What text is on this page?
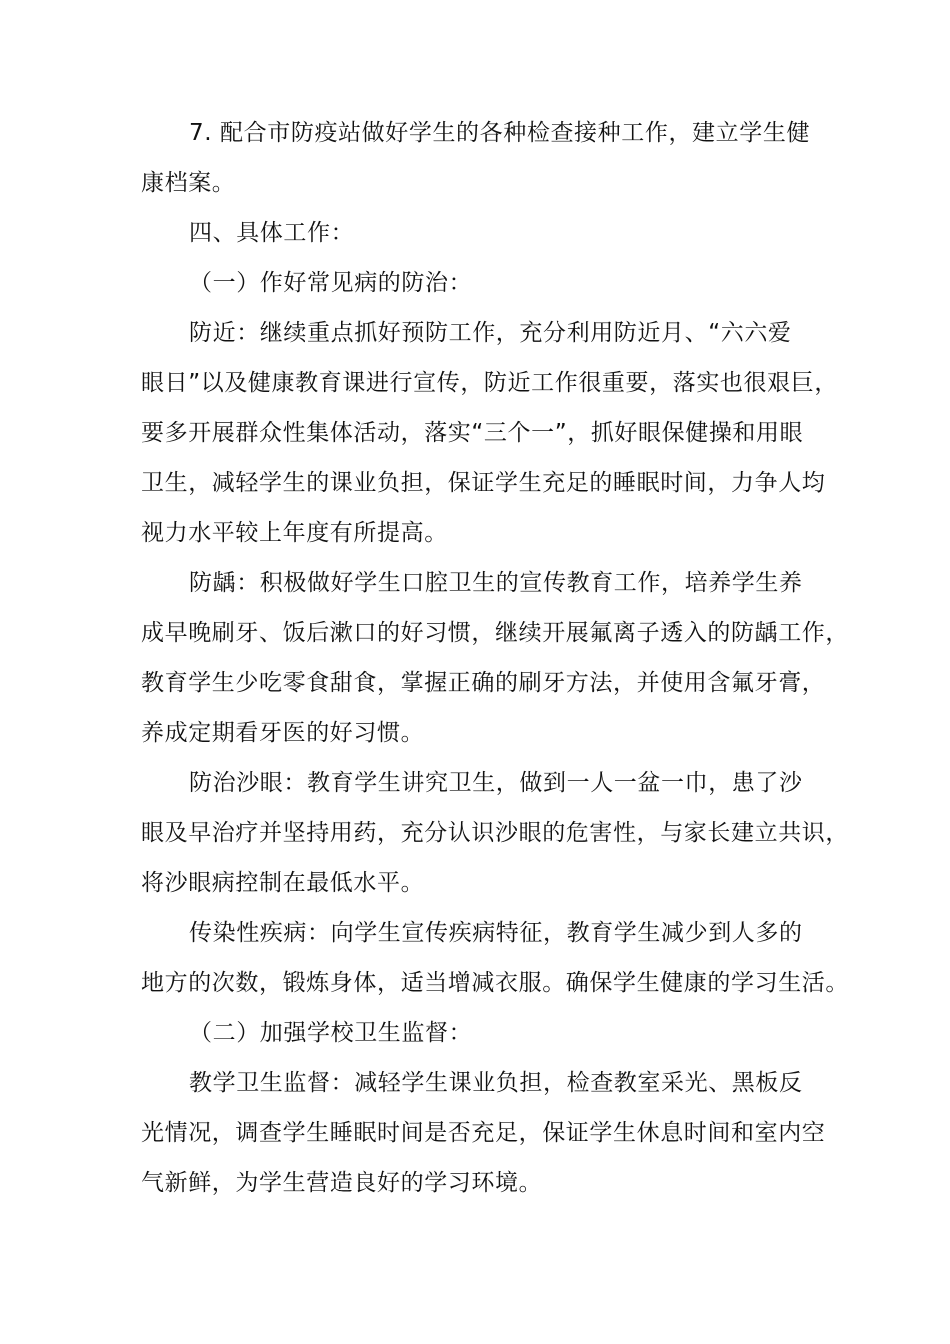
7. 配合市防疫站做好学生的各种检查接种工作，建立学生健
康档案。
四、具体工作：
（一）作好常见病的防治：
防近：继续重点抓好预防工作，充分利用防近月、“六六爱
眼日”以及健康教育课进行宣传，防近工作很重要，落实也很艰巨，
要多开展群众性集体活动，落实“三个一”，抓好眼保健操和用眼
卫生，减轻学生的课业负担，保证学生充足的睡眠时间，力争人均
视力水平较上年度有所提高。
防龋：积极做好学生口腔卫生的宣传教育工作，培养学生养
成早晚刷牙、饭后漱口的好习惯，继续开展氟离子透入的防龋工作，
教育学生少吃零食甜食，掌握正确的刷牙方法，并使用含氟牙膏，
养成定期看牙医的好习惯。
防治沙眼：教育学生讲究卫生，做到一人一盆一巾，患了沙
眼及早治疗并坚持用药，充分认识沙眼的危害性，与家长建立共识，
将沙眼病控制在最低水平。
传染性疾病：向学生宣传疾病特征，教育学生减少到人多的
地方的次数，锻炼身体，适当增减衣服。确保学生健康的学习生活。
（二）加强学校卫生监督：
教学卫生监督：减轻学生课业负担，检查教室采光、黑板反
光情况，调查学生睡眠时间是否充足，保证学生休息时间和室内空
气新鲜，为学生营造良好的学习环境。
